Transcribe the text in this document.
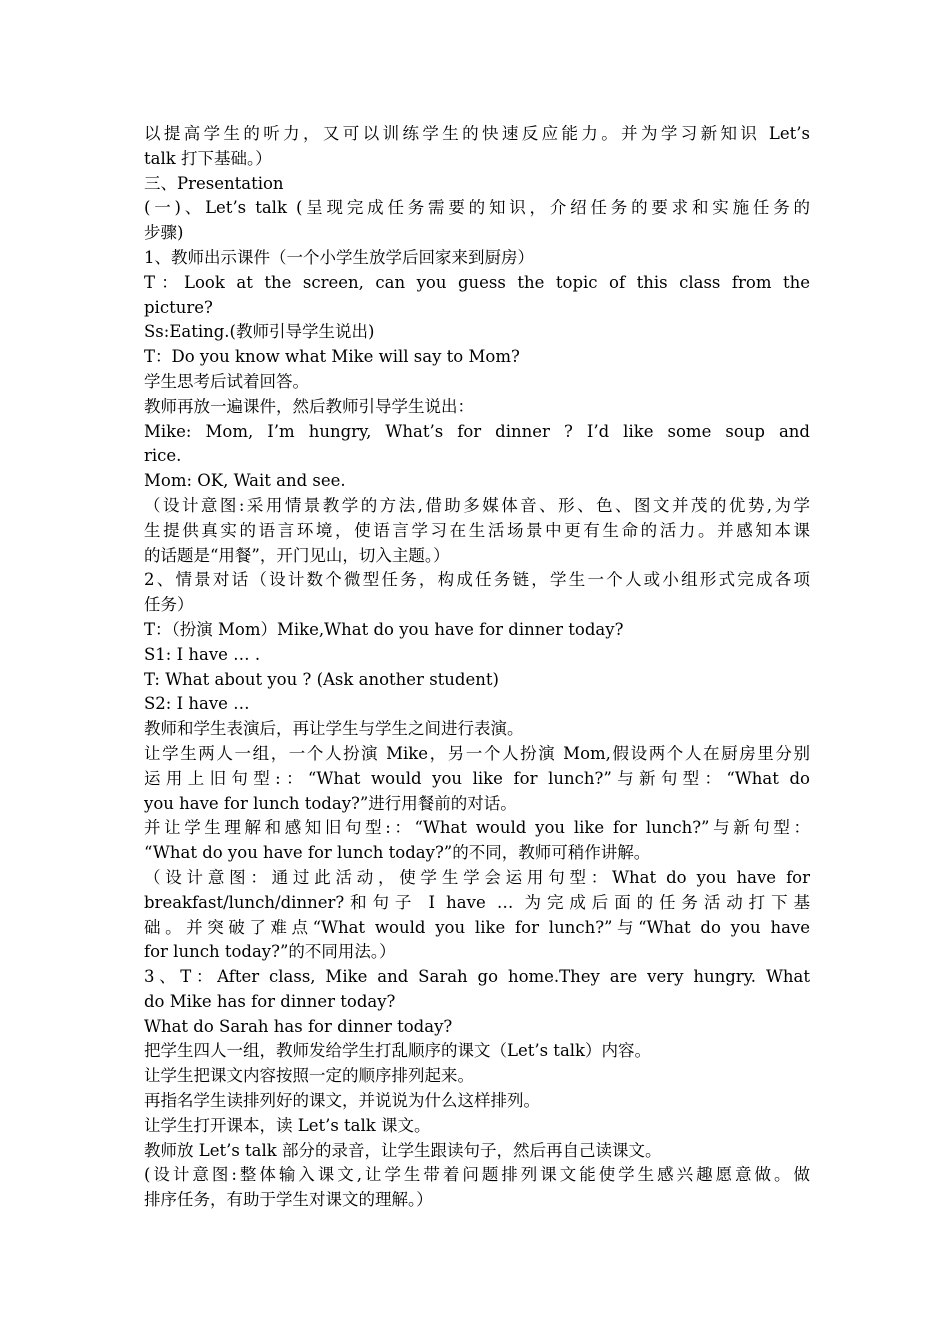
以提高学生的听力，又可以训练学生的快速反应能力。并为学习新知识 Let’s
talk 打下基础。）
三、Presentation
(一)、Let’s talk (呈现完成任务需要的知识，介绍任务的要求和实施任务的
步骤)
1、教师出示课件（一个小学生放学后回家来到厨房）
T：Look at the screen, can you guess the topic of this class from the
picture?
Ss:Eating.(教师引导学生说出)
T：Do you know what Mike will say to Mom?
学生思考后试着回答。
教师再放一遍课件，然后教师引导学生说出：
Mike: Mom, I’m hungry, What’s for dinner ? I’d like some soup and
rice.
Mom: OK, Wait and see.
（设计意图:采用情景教学的方法,借助多媒体音、形、色、图文并茂的优势,为学
生提供真实的语言环境，使语言学习在生活场景中更有生命的活力。并感知本课
的话题是“用餐”，开门见山，切入主题。）
2、情景对话（设计数个微型任务，构成任务链，学生一个人或小组形式完成各项
任务）
T：（扮演 Mom）Mike,What do you have for dinner today?
S1: I have … .
T: What about you ? (Ask another student)
S2: I have …
教师和学生表演后，再让学生与学生之间进行表演。
让学生两人一组，一个人扮演 Mike，另一个人扮演 Mom,假设两个人在厨房里分别
运用上旧句型:：“What would you like for lunch?”与新句型：“What do
you have for lunch today?”进行用餐前的对话。
并让学生理解和感知旧句型:：“What would you like for lunch?”与新句型：
“What do you have for lunch today?”的不同，教师可稍作讲解。
（设计意图：通过此活动，使学生学会运用句型：What do you have for
breakfast/lunch/dinner?和句子 I have … 为完成后面的任务活动打下基
础。并突破了难点“What would you like for lunch?”与“What do you have
for lunch today?”的不同用法。）
3、T：After class, Mike and Sarah go home.They are very hungry. What
do Mike has for dinner today?
What do Sarah has for dinner today?
把学生四人一组，教师发给学生打乱顺序的课文（Let’s talk）内容。
让学生把课文内容按照一定的顺序排列起来。
再指名学生读排列好的课文，并说说为什么这样排列。
让学生打开课本，读 Let’s talk 课文。
教师放 Let’s talk 部分的录音，让学生跟读句子，然后再自己读课文。
(设计意图:整体输入课文,让学生带着问题排列课文能使学生感兴趣愿意做。做
排序任务，有助于学生对课文的理解。）
